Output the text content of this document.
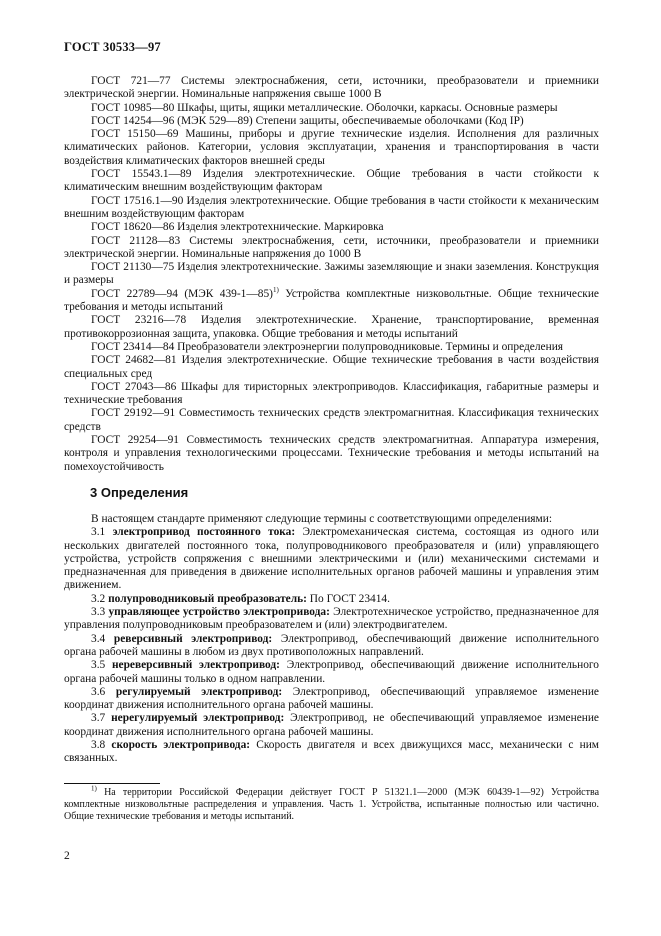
ГОСТ 30533—97

ГОСТ 721—77 Системы электроснабжения, сети, источники, преобразователи и приемники электрической энергии. Номинальные напряжения свыше 1000 В

ГОСТ 10985—80 Шкафы, щиты, ящики металлические. Оболочки, каркасы. Основные размеры

ГОСТ 14254—96 (МЭК 529—89) Степени защиты, обеспечиваемые оболочками (Код IP)

ГОСТ 15150—69 Машины, приборы и другие технические изделия. Исполнения для различных климатических районов. Категории, условия эксплуатации, хранения и транспортирования в части воздействия климатических факторов внешней среды

ГОСТ 15543.1—89 Изделия электротехнические. Общие требования в части стойкости к климатическим внешним воздействующим факторам

ГОСТ 17516.1—90 Изделия электротехнические. Общие требования в части стойкости к механическим внешним воздействующим факторам

ГОСТ 18620—86 Изделия электротехнические. Маркировка

ГОСТ 21128—83 Системы электроснабжения, сети, источники, преобразователи и приемники электрической энергии. Номинальные напряжения до 1000 В

ГОСТ 21130—75 Изделия электротехнические. Зажимы заземляющие и знаки заземления. Конструкция и размеры

ГОСТ 22789—94 (МЭК 439-1—85)$^{1)}$ Устройства комплектные низковольтные. Общие технические требования и методы испытаний

ГОСТ 23216—78 Изделия электротехнические. Хранение, транспортирование, временная противокоррозионная защита, упаковка. Общие требования и методы испытаний

ГОСТ 23414—84 Преобразователи электроэнергии полупроводниковые. Термины и определения

ГОСТ 24682—81 Изделия электротехнические. Общие технические требования в части воздействия специальных сред

ГОСТ 27043—86 Шкафы для тиристорных электроприводов. Классификация, габаритные размеры и технические требования

ГОСТ 29192—91 Совместимость технических средств электромагнитная. Классификация технических средств

ГОСТ 29254—91 Совместимость технических средств электромагнитная. Аппаратура измерения, контроля и управления технологическими процессами. Технические требования и методы испытаний на помехоустойчивость

3 Определения

В настоящем стандарте применяют следующие термины с соответствующими определениями:

3.1 электропривод постоянного тока: Электромеханическая система, состоящая из одного или нескольких двигателей постоянного тока, полупроводникового преобразователя и (или) управляющего устройства, устройств сопряжения с внешними электрическими и (или) механическими системами и предназначенная для приведения в движение исполнительных органов рабочей машины и управления этим движением.

3.2 полупроводниковый преобразователь: По ГОСТ 23414.

3.3 управляющее устройство электропривода: Электротехническое устройство, предназначенное для управления полупроводниковым преобразователем и (или) электродвигателем.

3.4 реверсивный электропривод: Электропривод, обеспечивающий движение исполнительного органа рабочей машины в любом из двух противоположных направлений.

3.5 нереверсивный электропривод: Электропривод, обеспечивающий движение исполнительного органа рабочей машины только в одном направлении.

3.6 регулируемый электропривод: Электропривод, обеспечивающий управляемое изменение координат движения исполнительного органа рабочей машины.

3.7 нерегулируемый электропривод: Электропривод, не обеспечивающий управляемое изменение координат движения исполнительного органа рабочей машины.

3.8 скорость электропривода: Скорость двигателя и всех движущихся масс, механически с ним связанных.

$^{1)}$ На территории Российской Федерации действует ГОСТ Р 51321.1—2000 (МЭК 60439-1—92) Устройства комплектные низковольтные распределения и управления. Часть 1. Устройства, испытанные полностью или частично. Общие технические требования и методы испытаний.

2
